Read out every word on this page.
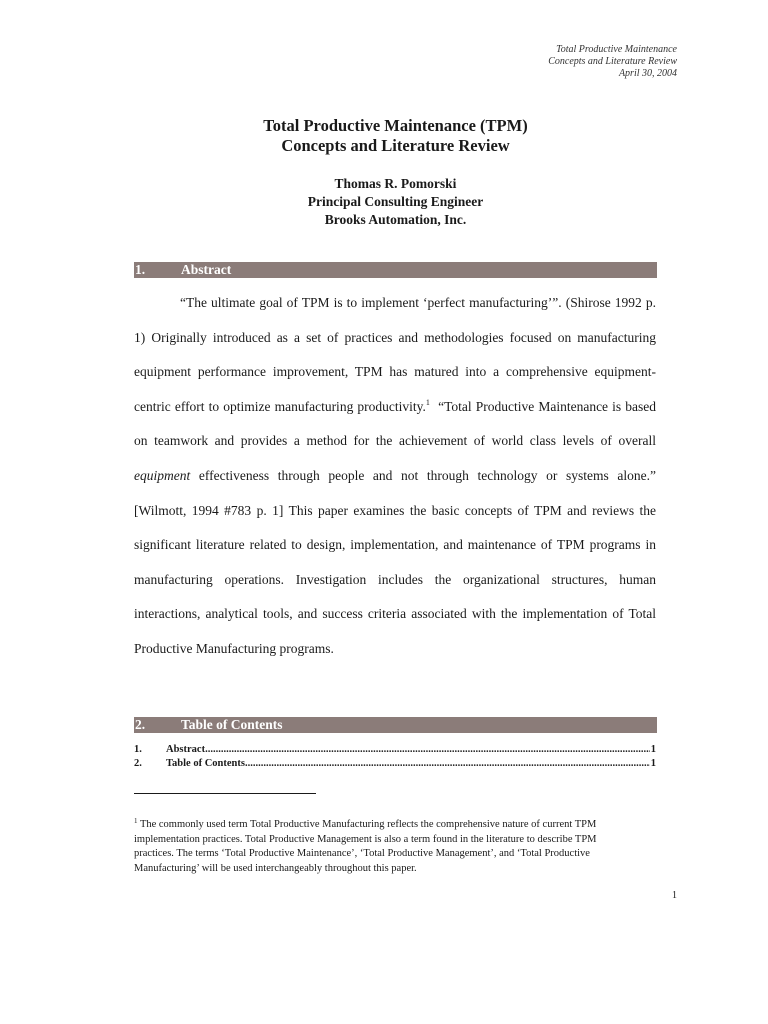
Total Productive Maintenance
Concepts and Literature Review
April 30, 2004
Total Productive Maintenance (TPM)
Concepts and Literature Review
Thomas R. Pomorski
Principal Consulting Engineer
Brooks Automation, Inc.
1.	Abstract
“The ultimate goal of TPM is to implement ‘perfect manufacturing’”. (Shirose 1992 p. 1) Originally introduced as a set of practices and methodologies focused on manufacturing equipment performance improvement, TPM has matured into a comprehensive equipment-centric effort to optimize manufacturing productivity.$^1$ “Total Productive Maintenance is based on teamwork and provides a method for the achievement of world class levels of overall equipment effectiveness through people and not through technology or systems alone.” [Wilmott, 1994 #783 p. 1] This paper examines the basic concepts of TPM and reviews the significant literature related to design, implementation, and maintenance of TPM programs in manufacturing operations. Investigation includes the organizational structures, human interactions, analytical tools, and success criteria associated with the implementation of Total Productive Manufacturing programs.
2.	Table of Contents
1.	Abstract .....	1
2.	Table of Contents .....	1
$^1$ The commonly used term Total Productive Manufacturing reflects the comprehensive nature of current TPM implementation practices. Total Productive Management is also a term found in the literature to describe TPM practices. The terms ‘Total Productive Maintenance’, ‘Total Productive Management’, and ‘Total Productive Manufacturing’ will be used interchangeably throughout this paper.
1
